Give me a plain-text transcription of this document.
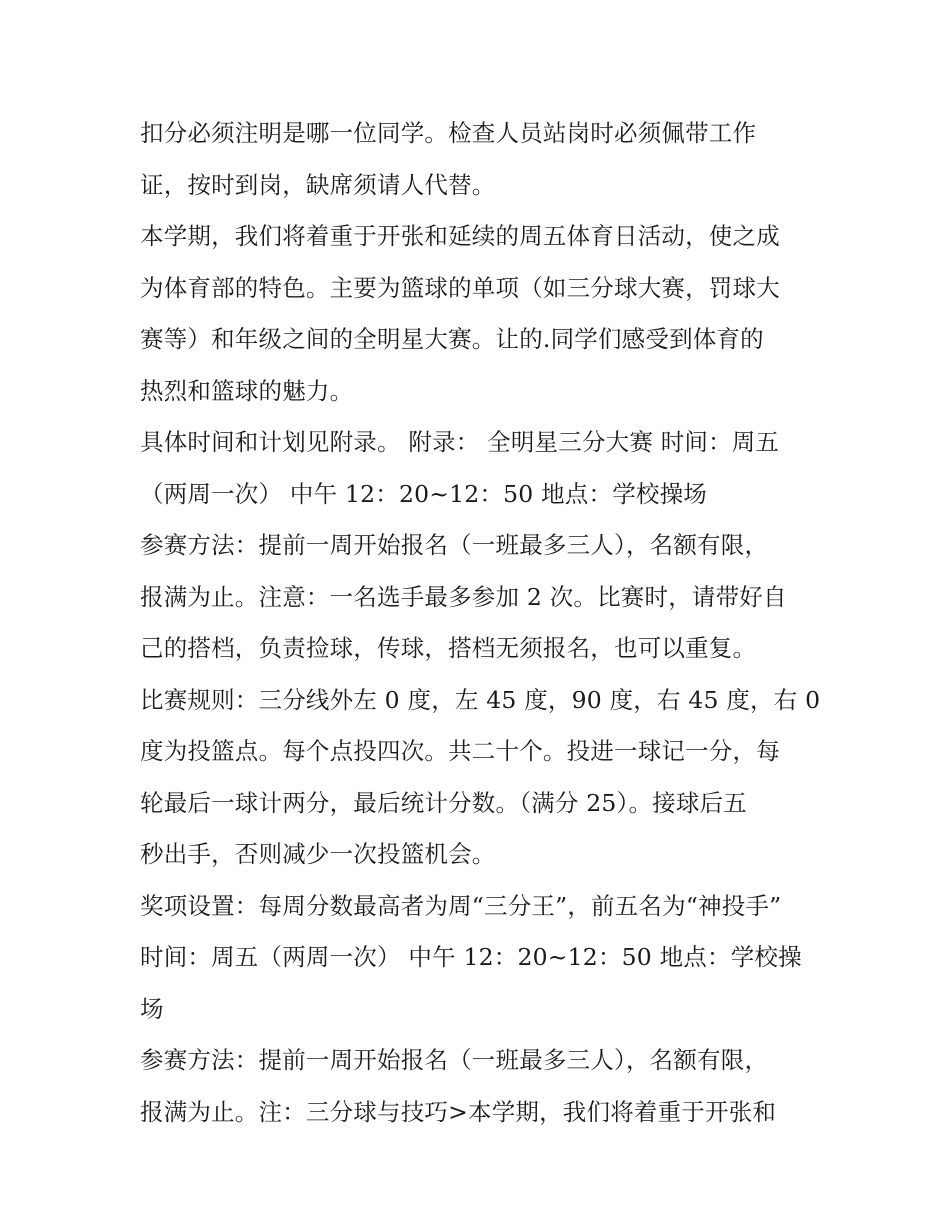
扣分必须注明是哪一位同学。检查人员站岗时必须佩带工作
证，按时到岗，缺席须请人代替。
本学期，我们将着重于开张和延续的周五体育日活动，使之成
为体育部的特色。主要为篮球的单项（如三分球大赛，罚球大
赛等）和年级之间的全明星大赛。让的.同学们感受到体育的
热烈和篮球的魅力。
具体时间和计划见附录。 附录： 全明星三分大赛 时间：周五
（两周一次） 中午 12：20~12：50 地点：学校操场
参赛方法：提前一周开始报名（一班最多三人），名额有限，
报满为止。注意：一名选手最多参加 2 次。比赛时，请带好自
己的搭档，负责捡球，传球，搭档无须报名，也可以重复。
比赛规则：三分线外左 0 度，左 45 度，90 度，右 45 度，右 0
度为投篮点。每个点投四次。共二十个。投进一球记一分，每
轮最后一球计两分，最后统计分数。（满分 25）。接球后五
秒出手，否则减少一次投篮机会。
奖项设置：每周分数最高者为周“三分王”，前五名为“神投手”
时间：周五（两周一次） 中午 12：20~12：50 地点：学校操
场
参赛方法：提前一周开始报名（一班最多三人），名额有限，
报满为止。注：三分球与技巧>本学期，我们将着重于开张和
